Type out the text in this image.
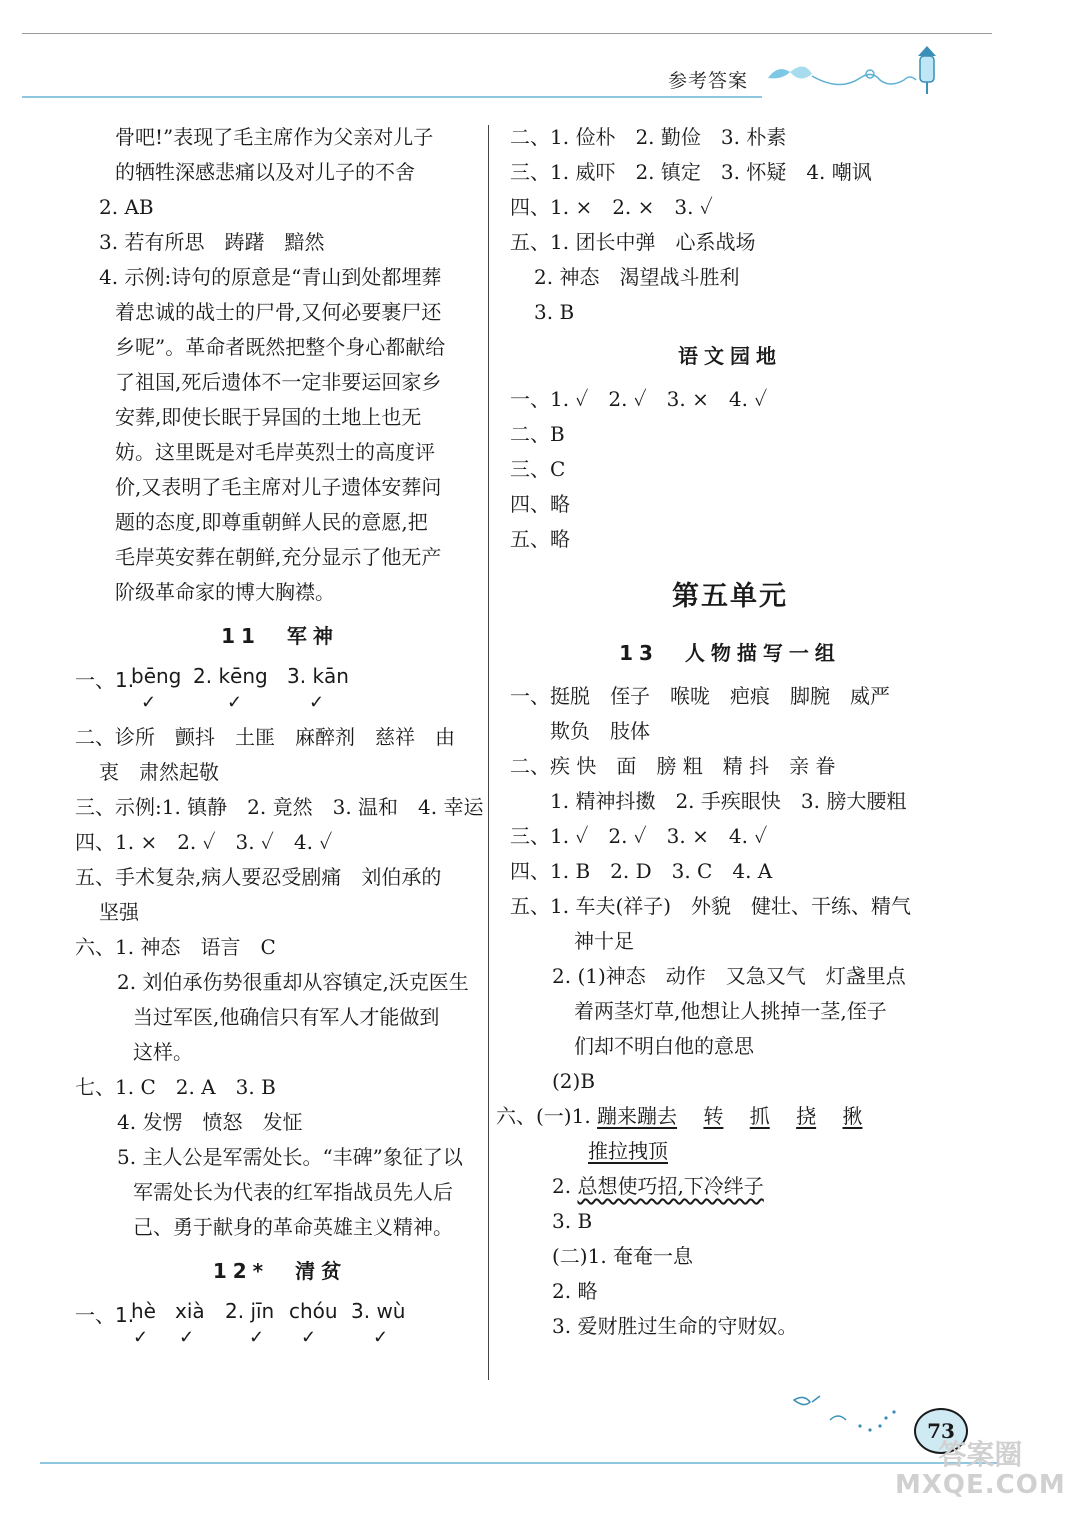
参考答案
骨吧!”表现了毛主席作为父亲对儿子
的牺牲深感悲痛以及对儿子的不舍
2. AB
3. 若有所思　踌躇　黯然
4. 示例:诗句的原意是“青山到处都埋葬
着忠诚的战士的尸骨,又何必要裹尸还
乡呢”。革命者既然把整个身心都献给
了祖国,死后遗体不一定非要运回家乡
安葬,即使长眠于异国的土地上也无
妨。这里既是对毛岸英烈士的高度评
价,又表明了毛主席对儿子遗体安葬问
题的态度,即尊重朝鲜人民的意愿,把
毛岸英安葬在朝鲜,充分显示了他无产
阶级革命家的博大胸襟。
11　军神
一、1.
bēng
✓
2. kēng
✓
3. kān
✓
二、诊所　颤抖　土匪　麻醉剂　慈祥　由
衷　肃然起敬
三、示例:1. 镇静　2. 竟然　3. 温和　4. 幸运
四、1. ×　2. ✓　3. ✓　4. ✓
五、手术复杂,病人要忍受剧痛　刘伯承的
坚强
六、1. 神态　语言　C
2. 刘伯承伤势很重却从容镇定,沃克医生
当过军医,他确信只有军人才能做到
这样。
七、1. C　2. A　3. B
4. 发愣　愤怒　发怔
5. 主人公是军需处长。“丰碑”象征了以
军需处长为代表的红军指战员先人后
己、勇于献身的革命英雄主义精神。
12*　清贫
一、1.
hè
✓
xià
✓
2. jīn
✓
chóu
✓
3. wù
✓
二、1. 俭朴　2. 勤俭　3. 朴素
三、1. 威吓　2. 镇定　3. 怀疑　4. 嘲讽
四、1. ×　2. ×　3. ✓
五、1. 团长中弹　心系战场
2. 神态　渴望战斗胜利
3. B
语文园地
一、1. ✓　2. ✓　3. ×　4. ✓
二、B
三、C
四、略
五、略
第五单元
13　人物描写一组
一、挺脱　侄子　喉咙　疤痕　脚腕　威严
欺负　肢体
二、疾 快　面　膀 粗　精 抖　亲 眷
1. 精神抖擞　2. 手疾眼快　3. 膀大腰粗
三、1. ✓　2. ✓　3. ×　4. ✓
四、1. B　2. D　3. C　4. A
五、1. 车夫(祥子)　外貌　健壮、干练、精气
神十足
2. (1)神态　动作　又急又气　灯盏里点
着两茎灯草,他想让人挑掉一茎,侄子
们却不明白他的意思
(2)B
六、(一)1. 蹦来蹦去　 转　 抓　 挠　 揪
推拉拽顶
2. 总想使巧招,下冷绊子
3. B
(二)1. 奄奄一息
2. 略
3. 爱财胜过生命的守财奴。
73
答案圈
MXQE.COM
